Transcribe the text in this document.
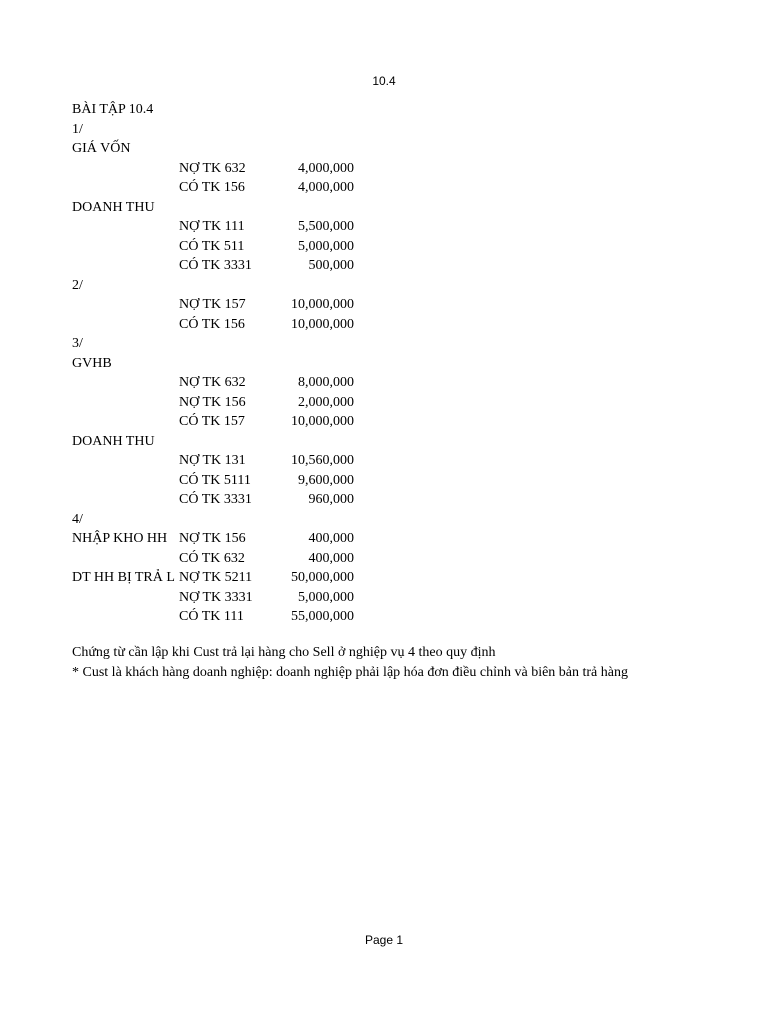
10.4
BÀI TẬP 10.4
1/
GIÁ VỐN
NỢ TK 632	4,000,000
CÓ TK 156	4,000,000
DOANH THU
NỢ TK 111	5,500,000
CÓ TK 511	5,000,000
CÓ TK 3331	500,000
2/
NỢ TK 157	10,000,000
CÓ TK 156	10,000,000
3/
GVHB
NỢ TK 632	8,000,000
NỢ TK 156	2,000,000
CÓ TK 157	10,000,000
DOANH THU
NỢ TK 131	10,560,000
CÓ TK 5111	9,600,000
CÓ TK 3331	960,000
4/
NHẬP KHO HH NỢ TK 156	400,000
CÓ TK 632	400,000
DT HH BỊ TRẢ L NỢ TK 5211	50,000,000
NỢ TK 3331	5,000,000
CÓ TK 111	55,000,000
Chứng từ cần lập khi Cust trả lại hàng cho Sell ở nghiệp vụ 4 theo quy định
* Cust là khách hàng doanh nghiệp: doanh nghiệp phải lập hóa đơn điều chỉnh và biên bản trả hàng
Page 1
